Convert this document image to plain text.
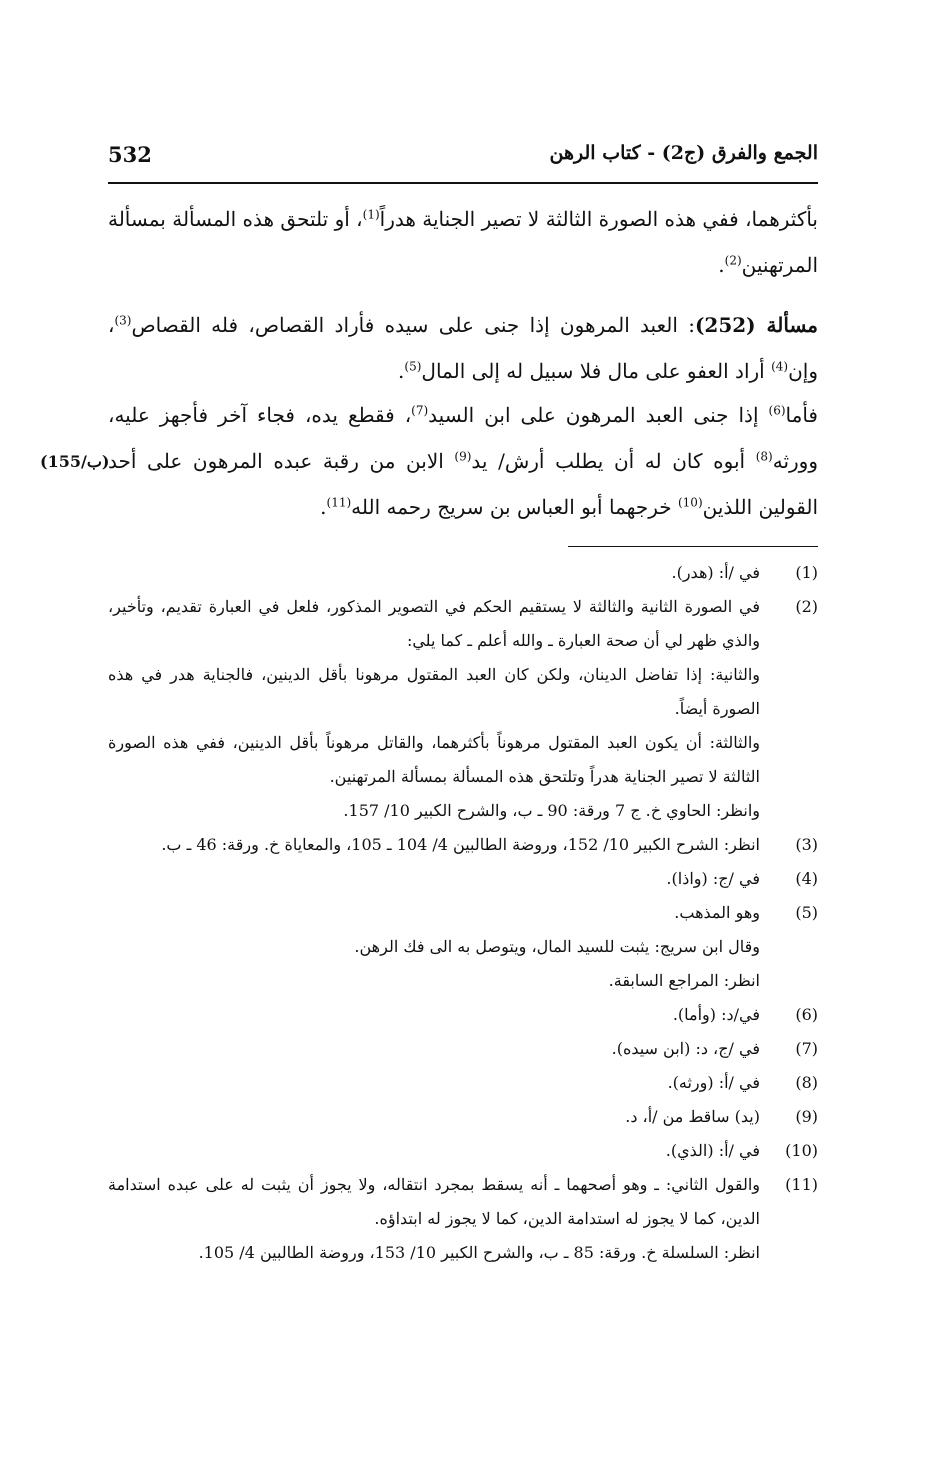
532	الجمع والفرق (ج2) - كتاب الرهن
بأكثرهما، ففي هذه الصورة الثالثة لا تصير الجناية هدراً$^{(1)}$، أو تلتحق هذه المسألة بمسألة المرتهنين$^{(2)}$.
مسألة (252): العبد المرهون إذا جنى على سيده فأراد القصاص، فله القصاص$^{(3)}$، وإن$^{(4)}$ أراد العفو على مال فلا سبيل له إلى المال$^{(5)}$.
فأما$^{(6)}$ إذا جنى العبد المرهون على ابن السيد$^{(7)}$، فقطع يده، فجاء آخر فأجهز عليه، وورثه$^{(8)}$ أبوه كان له أن يطلب أرش/ يد$^{(9)}$ الابن من رقبة عبده المرهون على أحد القولين اللذين$^{(10)}$ خرجهما أبو العباس بن سريج رحمه الله$^{(11)}$.
(155/ب)
(1)
في /أ: (هدر).
(2)
في الصورة الثانية والثالثة لا يستقيم الحكم في التصوير المذكور، فلعل في العبارة تقديم، وتأخير، والذي ظهر لي أن صحة العبارة ـ والله أعلم ـ كما يلي:
والثانية: إذا تفاضل الدينان، ولكن كان العبد المقتول مرهونا بأقل الدينين، فالجناية هدر في هذه الصورة أيضاً.
والثالثة: أن يكون العبد المقتول مرهوناً بأكثرهما، والقاتل مرهوناً بأقل الدينين، ففي هذه الصورة الثالثة لا تصير الجناية هدراً وتلتحق هذه المسألة بمسألة المرتهنين.
وانظر: الحاوي خ. ج 7 ورقة: 90 ـ ب، والشرح الكبير 10/ 157.
(3)
انظر: الشرح الكبير 10/ 152، وروضة الطالبين 4/ 104 ـ 105، والمعاياة خ. ورقة: 46 ـ ب.
(4)
في /ج: (واذا).
(5)
وهو المذهب.
وقال ابن سريج: يثبت للسيد المال، ويتوصل به الى فك الرهن.
انظر: المراجع السابقة.
(6)
في/د: (وأما).
(7)
في /ج، د: (ابن سيده).
(8)
في /أ: (ورثه).
(9)
(يد) ساقط من /أ، د.
(10)
في /أ: (الذي).
(11)
والقول الثاني: ـ وهو أصحهما ـ أنه يسقط بمجرد انتقاله، ولا يجوز أن يثبت له على عبده استدامة الدين، كما لا يجوز له استدامة الدين، كما لا يجوز له ابتداؤه.
انظر: السلسلة خ. ورقة: 85 ـ ب، والشرح الكبير 10/ 153، وروضة الطالبين 4/ 105.
